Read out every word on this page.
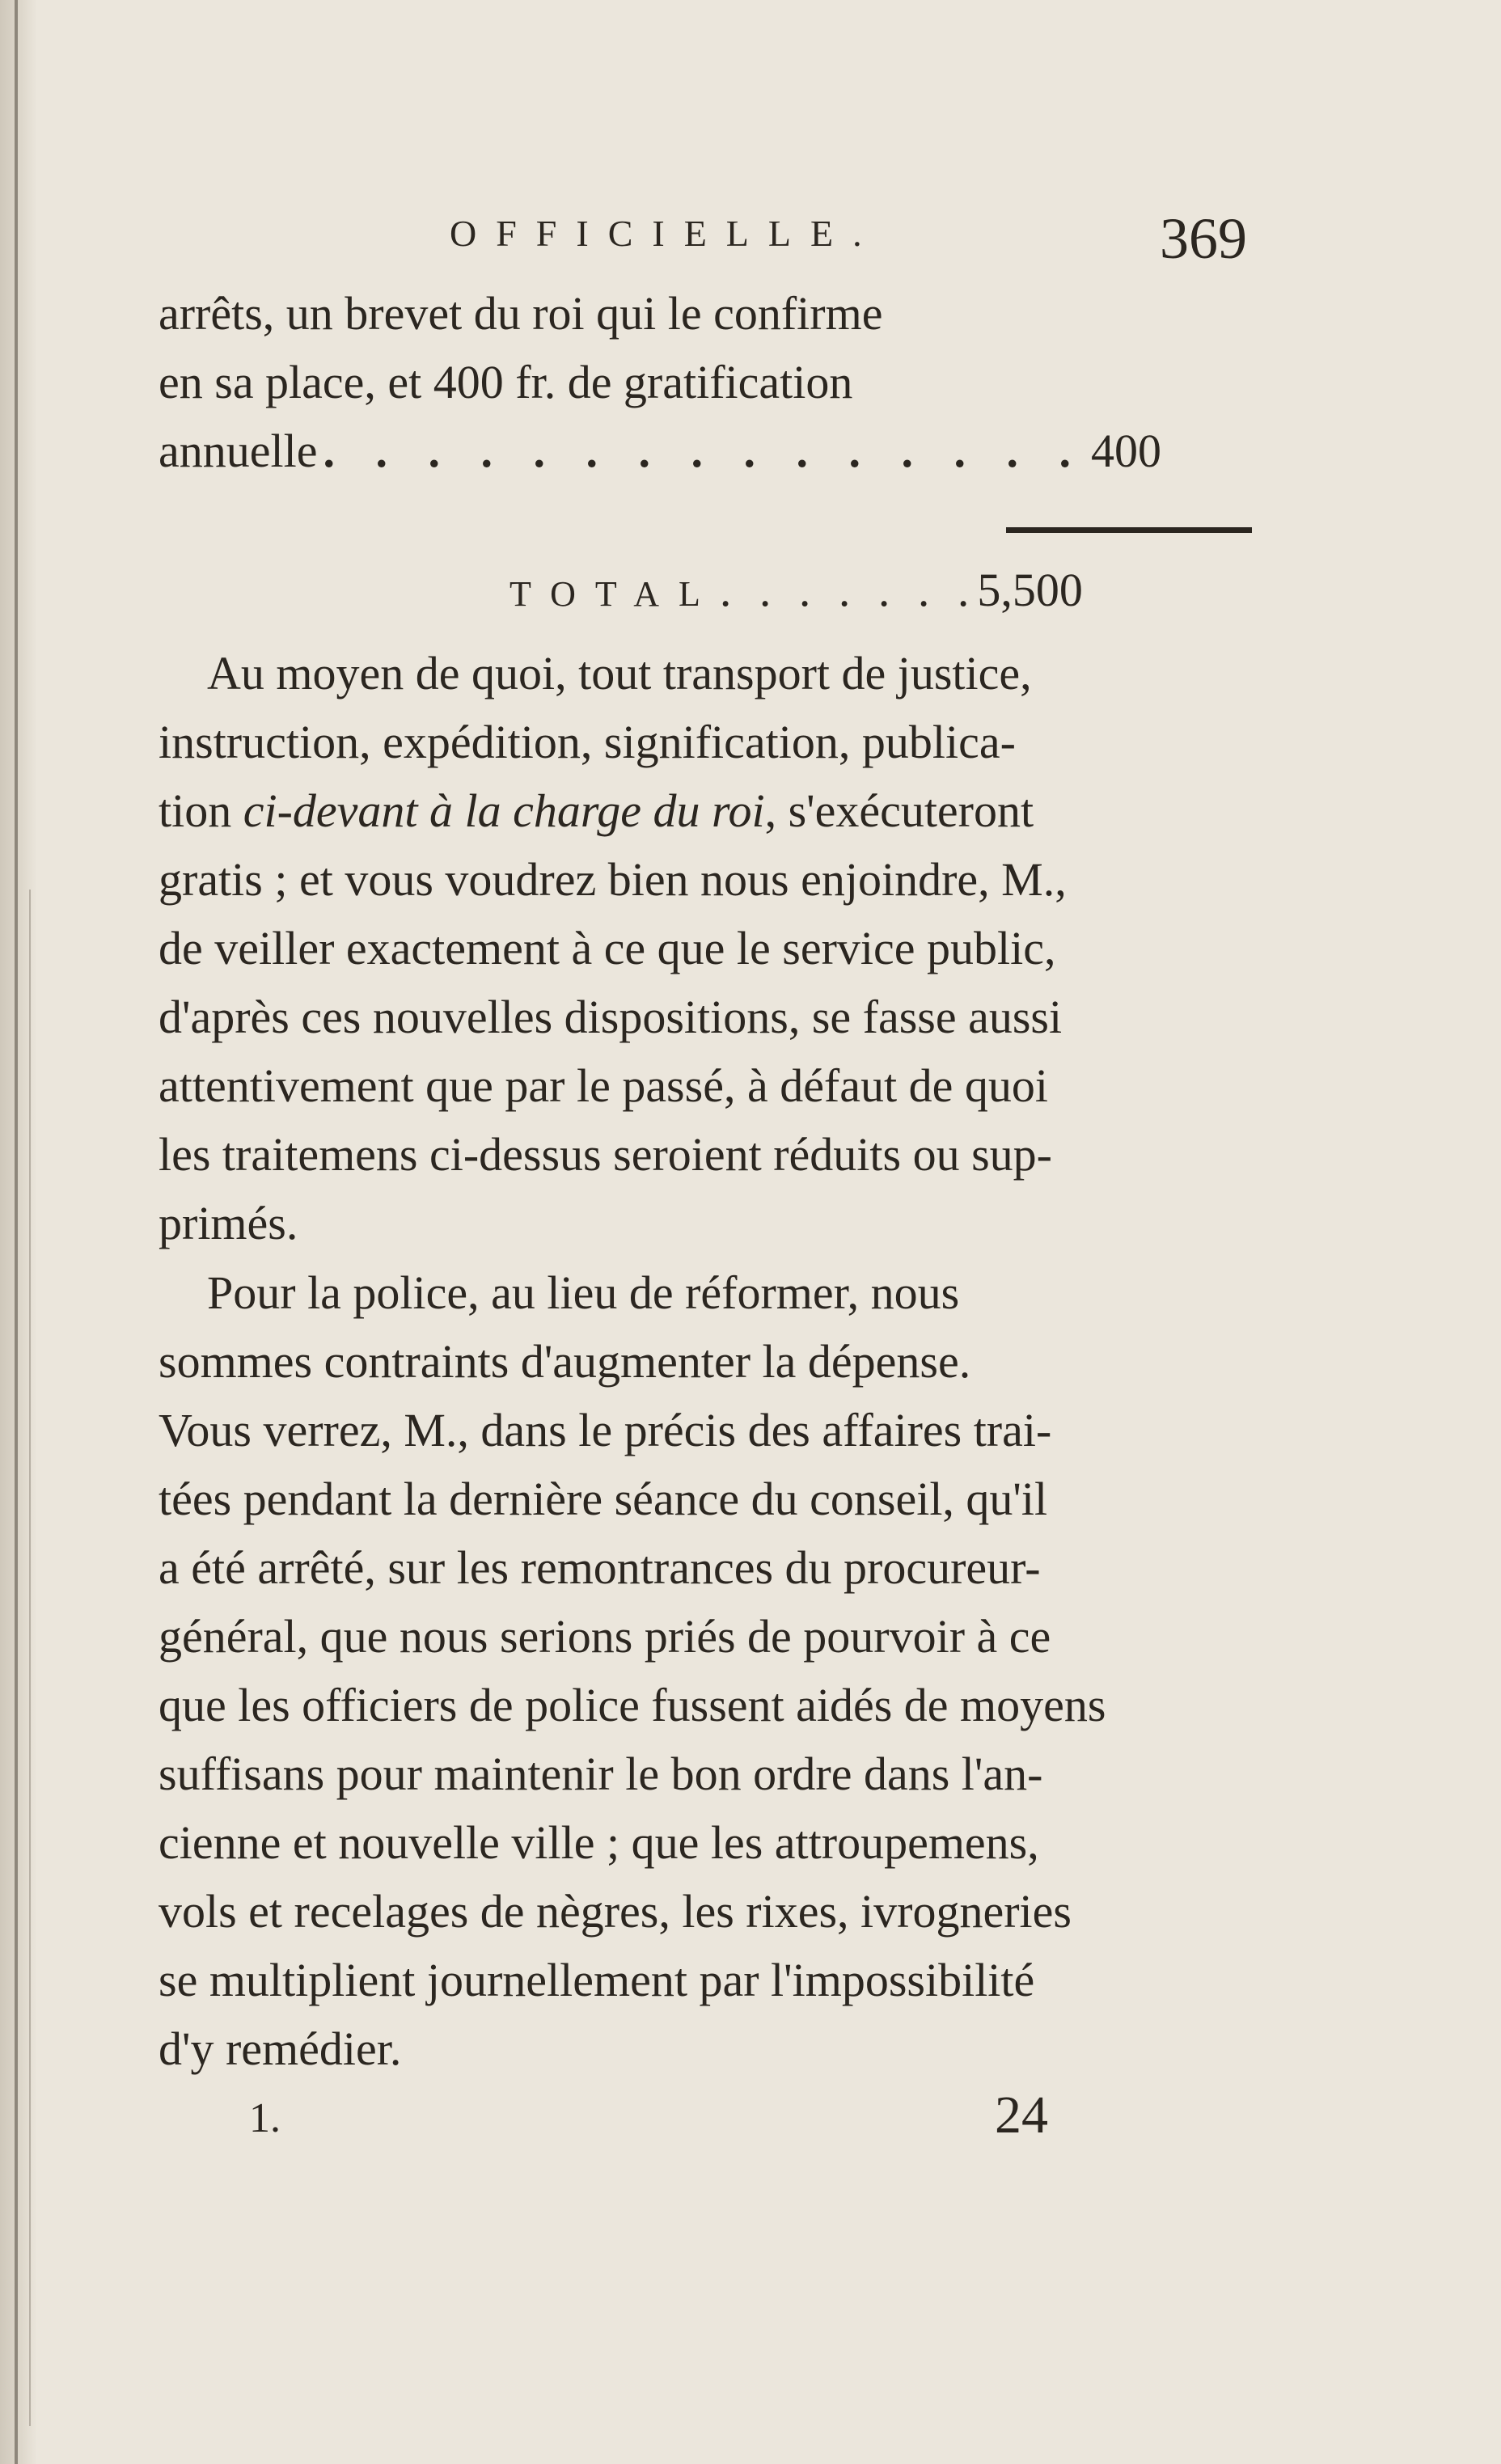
OFFICIELLE.	369
arrêts, un brevet du roi qui le confirme
en sa place, et 400 fr. de gratification
annuelle . . . . . . . . . . . . . . . 400
TOTAL. . . . . . .5,500
Au moyen de quoi, tout transport de justice,
instruction, expédition, signification, publica-
tion
ci-devant à la charge du roi , s'exécuteront
gratis ; et vous voudrez bien nous enjoindre, M.,
de veiller exactement à ce que le service public,
d'après ces nouvelles dispositions, se fasse aussi
attentivement que par le passé, à défaut de quoi
les traitemens ci-dessus seroient réduits ou sup-
primés.
Pour la police, au lieu de réformer, nous
sommes contraints d'augmenter la dépense.
Vous verrez, M., dans le précis des affaires trai-
tées pendant la dernière séance du conseil, qu'il
a été arrêté, sur les remontrances du procureur-
général, que nous serions priés de pourvoir à ce
que les officiers de police fussent aidés de moyens
suffisans pour maintenir le bon ordre dans l'an-
cienne et nouvelle ville ; que les attroupemens,
vols et recelages de nègres, les rixes, ivrogneries
se multiplient journellement par l'impossibilité
d'y remédier.
1.	24
